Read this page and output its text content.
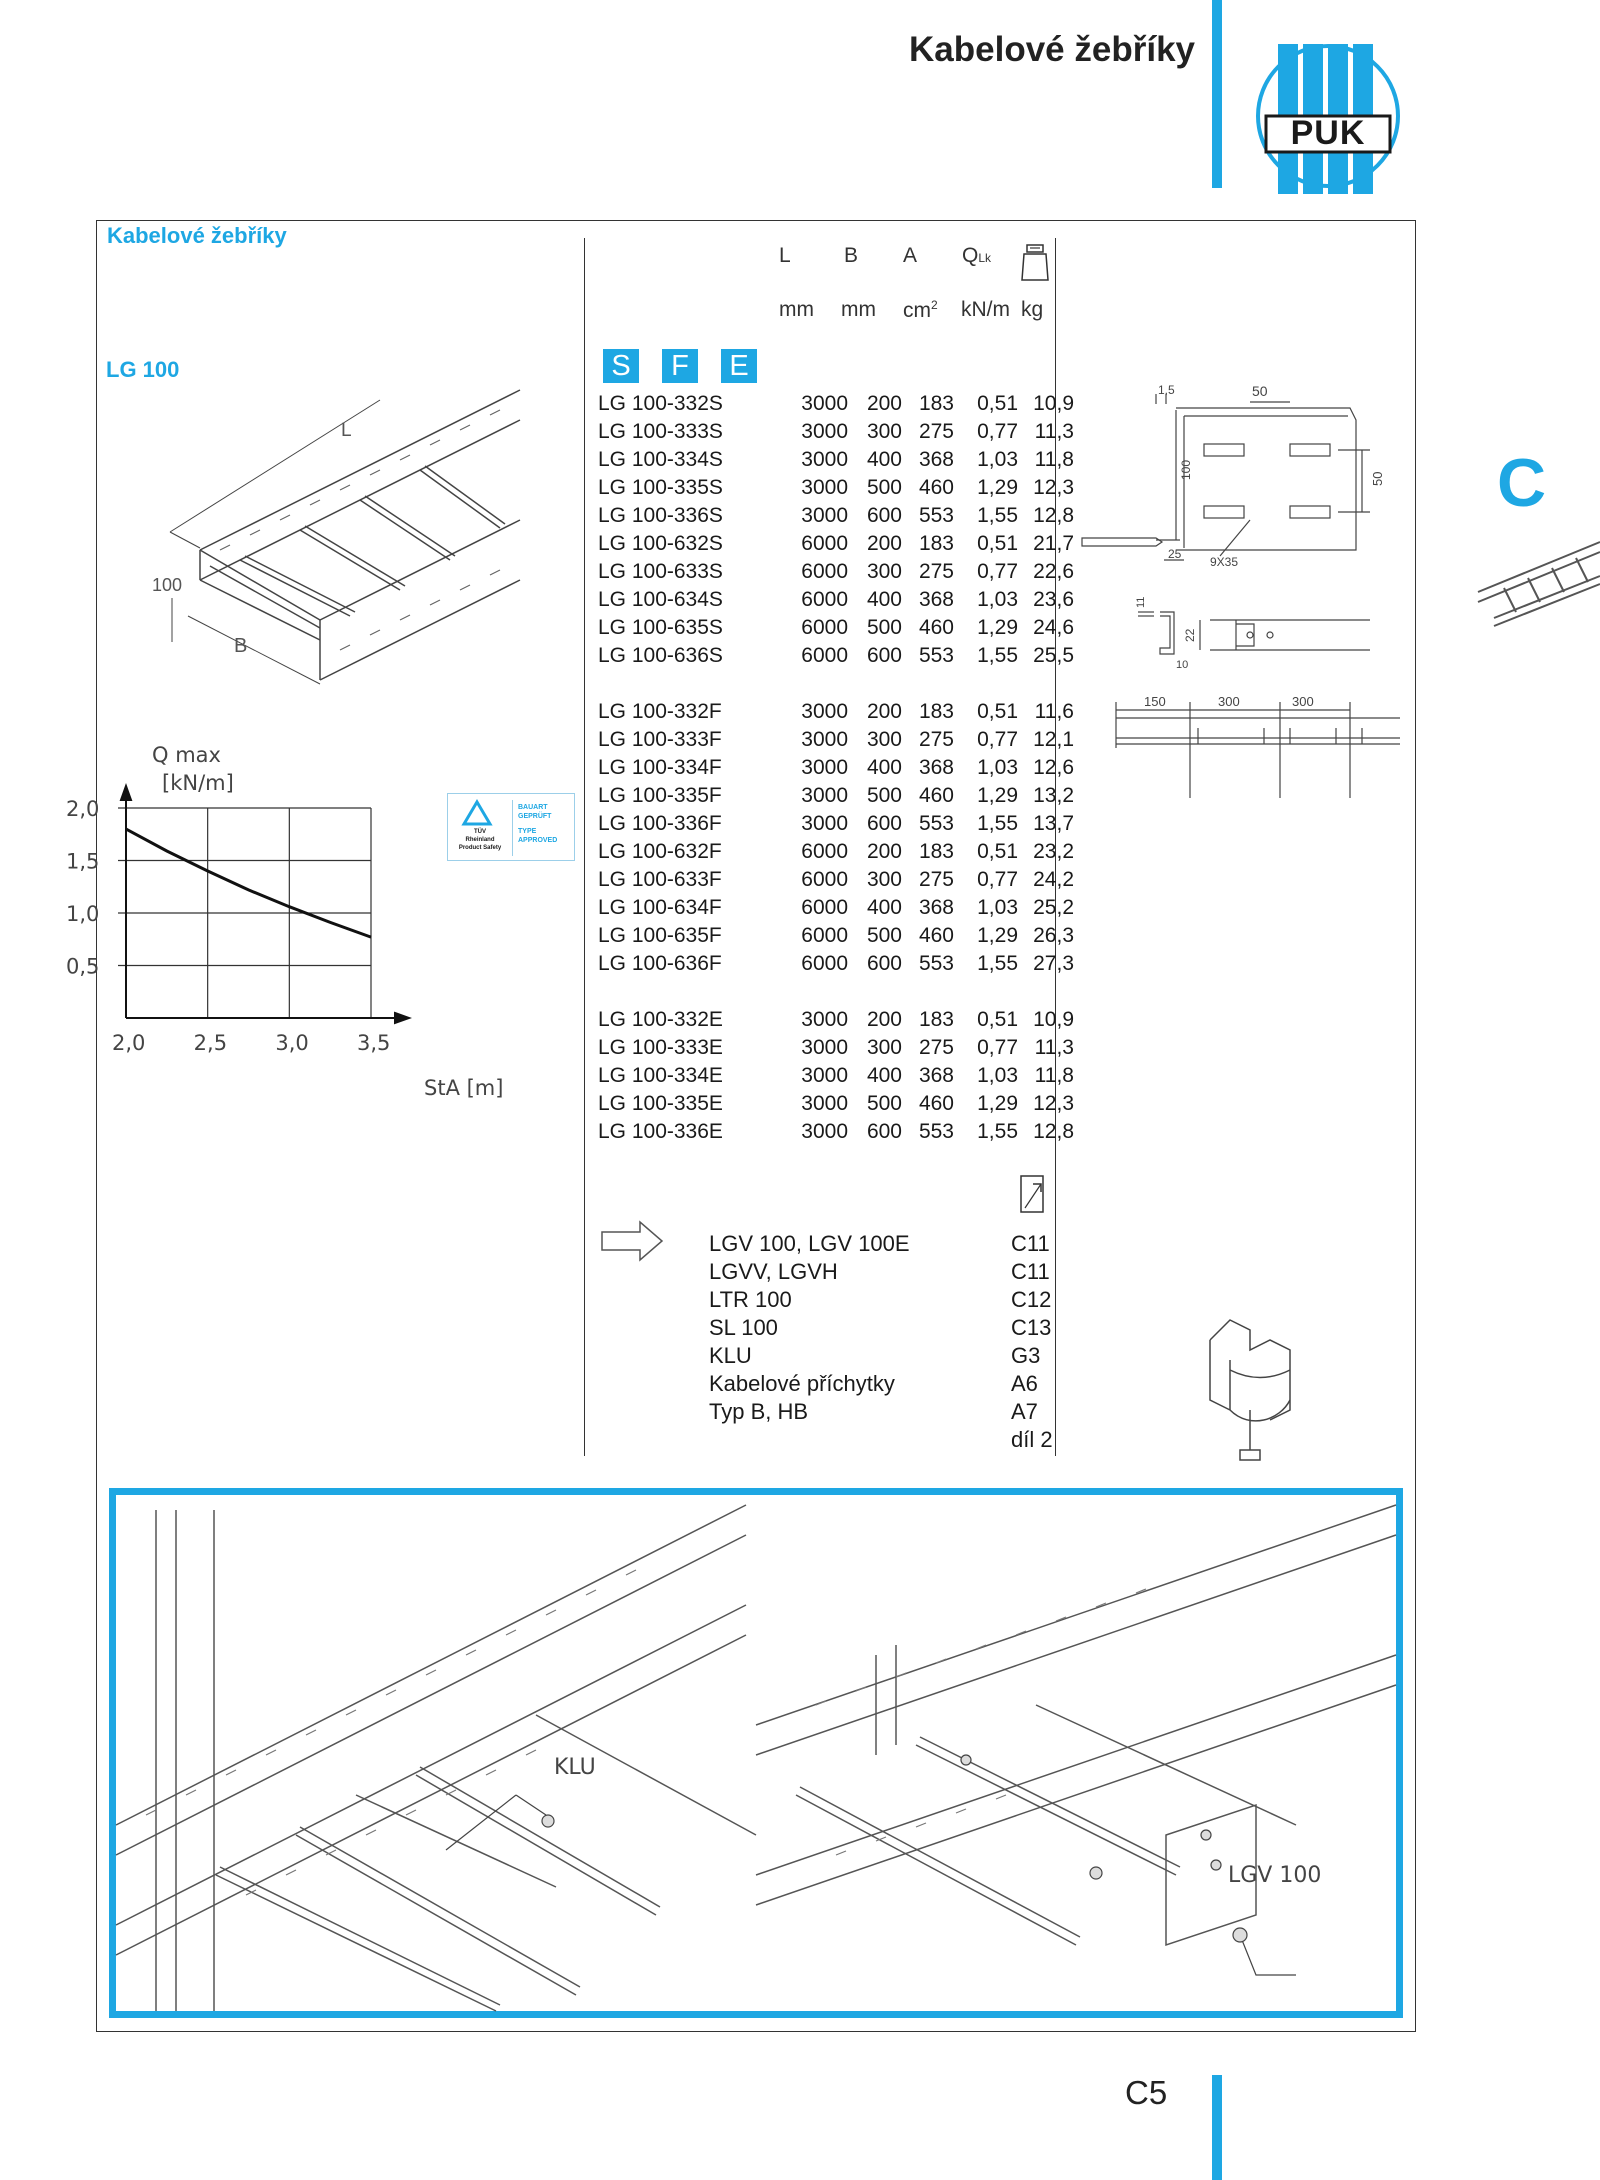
Kabelové žebříky
PUK
C
Kabelové žebříky
LG 100
L
100
B
2,0 2,5 3,0 3,5
0,5
1,0
1,5
2,0
Q max
[kN/m]
StA [m]
TÜV
Rheinland
Product Safety
BAUART
GEPRÜFT
TYPE
APPROVED
L	B A QLk
mm mm $cm^2$ kN/m kg
S	F	E
LG 100-332S	3000 200 183	0,51 10,9
LG 100-333S	3000 300 275	0,77 11,3
LG 100-334S	3000 400 368	1,03 11,8
LG 100-335S	3000 500 460	1,29 12,3
LG 100-336S	3000 600 553	1,55 12,8
LG 100-632S	6000 200 183	0,51 21,7
LG 100-633S	6000 300 275	0,77 22,6
LG 100-634S	6000 400 368	1,03 23,6
LG 100-635S	6000 500 460	1,29 24,6
LG 100-636S	6000 600 553	1,55 25,5
LG 100-332F	3000 200 183	0,51 11,6
LG 100-333F	3000 300 275	0,77 12,1
LG 100-334F	3000 400 368	1,03 12,6
LG 100-335F	3000 500 460	1,29 13,2
LG 100-336F	3000 600 553	1,55 13,7
LG 100-632F	6000 200 183	0,51 23,2
LG 100-633F	6000 300 275	0,77 24,2
LG 100-634F	6000 400 368	1,03 25,2
LG 100-635F	6000 500 460	1,29 26,3
LG 100-636F	6000 600 553	1,55 27,3
LG 100-332E	3000 200 183	0,51 10,9
LG 100-333E	3000 300 275	0,77 11,3
LG 100-334E	3000 400 368	1,03 11,8
LG 100-335E	3000 500 460	1,29 12,3
LG 100-336E	3000 600 553	1,55 12,8
LGV 100, LGV 100E	C11
LGVV, LGVH	C11
LTR 100	C12
SL 100	C13
KLU	G3
Kabelové příchytky	A6
Typ B, HB	A7
díl 2
1,5	50
100	50
25
9X35
11
22
10
150	300	300
KLU
LGV 100
C5
